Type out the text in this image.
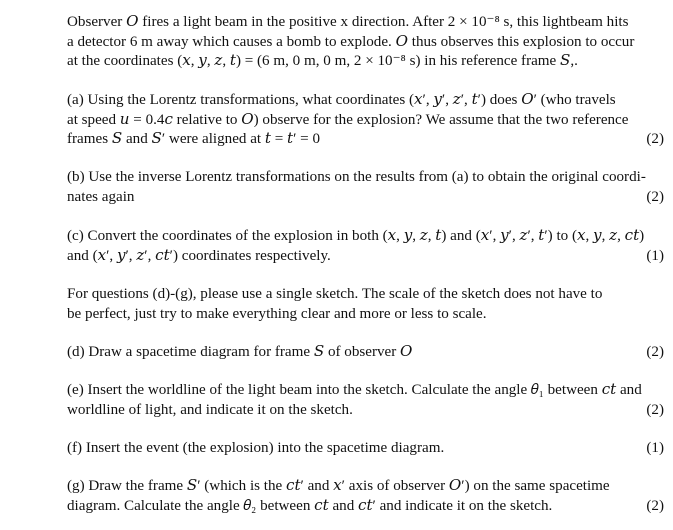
Observer 𝑂 fires a light beam in the positive x direction. After 2 × 10⁻⁸ s, this lightbeam hits
a detector 6 m away which causes a bomb to explode. 𝑂 thus observes this explosion to occur
at the coordinates (𝑥, 𝑦, 𝑧, 𝑡) = (6 m, 0 m, 0 m, 2 × 10⁻⁸ s) in his reference frame 𝑆,.
(a) Using the Lorentz transformations, what coordinates (𝑥′, 𝑦′, 𝑧′, 𝑡′) does 𝑂′ (who travels
at speed 𝑢 = 0.4𝑐 relative to 𝑂) observe for the explosion? We assume that the two reference
frames 𝑆 and 𝑆′ were aligned at 𝑡 = 𝑡′ = 0	(2)
(b) Use the inverse Lorentz transformations on the results from (a) to obtain the original coordi-
nates again	(2)
(c) Convert the coordinates of the explosion in both (𝑥, 𝑦, 𝑧, 𝑡) and (𝑥′, 𝑦′, 𝑧′, 𝑡′) to (𝑥, 𝑦, 𝑧, 𝑐𝑡)
and (𝑥′, 𝑦′, 𝑧′, 𝑐𝑡′) coordinates respectively.	(1)
For questions (d)-(g), please use a single sketch. The scale of the sketch does not have to
be perfect, just try to make everything clear and more or less to scale.
(d) Draw a spacetime diagram for frame 𝑆 of observer 𝑂	(2)
(e) Insert the worldline of the light beam into the sketch. Calculate the angle 𝜃₁ between 𝑐𝑡 and
worldline of light, and indicate it on the sketch.	(2)
(f) Insert the event (the explosion) into the spacetime diagram.	(1)
(g) Draw the frame 𝑆′ (which is the 𝑐𝑡′ and 𝑥′ axis of observer 𝑂′) on the same spacetime
diagram. Calculate the angle 𝜃₂ between 𝑐𝑡 and 𝑐𝑡′ and indicate it on the sketch.	(2)
